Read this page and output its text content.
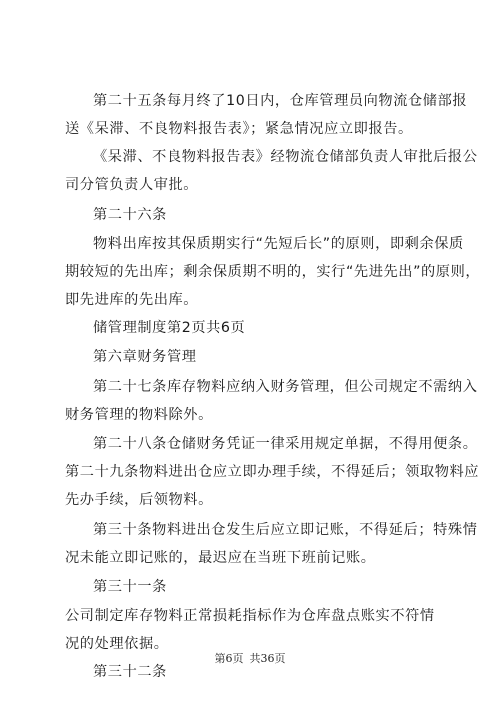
第二十五条每月终了10日内，仓库管理员向物流仓储部报
送《呆滞、不良物料报告表》；紧急情况应立即报告。
《呆滞、不良物料报告表》经物流仓储部负责人审批后报公
司分管负责人审批。
第二十六条
物料出库按其保质期实行“先短后长”的原则，即剩余保质
期较短的先出库；剩余保质期不明的，实行“先进先出”的原则，
即先进库的先出库。
储管理制度第2页共6页
第六章财务管理
第二十七条库存物料应纳入财务管理，但公司规定不需纳入
财务管理的物料除外。
第二十八条仓储财务凭证一律采用规定单据，不得用便条。
第二十九条物料进出仓应立即办理手续，不得延后；领取物料应
先办手续，后领物料。
第三十条物料进出仓发生后应立即记账，不得延后；特殊情
况未能立即记账的，最迟应在当班下班前记账。
第三十一条
公司制定库存物料正常损耗指标作为仓库盘点账实不符情
况的处理依据。
第三十二条
第6页 共36页
